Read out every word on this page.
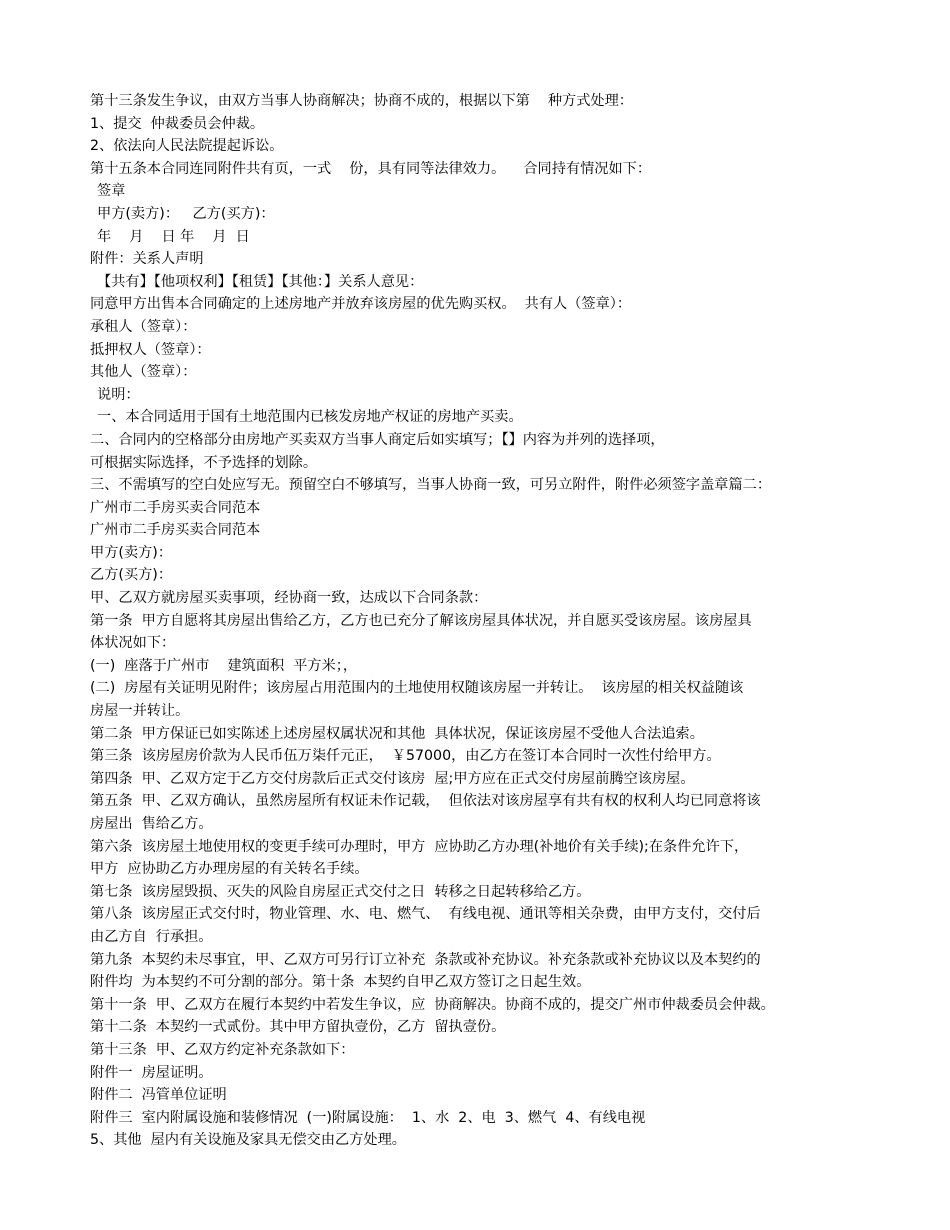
第十三条发生争议，由双方当事人协商解决；协商不成的，根据以下第    种方式处理：

1、提交  仲裁委员会仲裁。

2、依法向人民法院提起诉讼。

第十五条本合同连同附件共有页，一式    份，具有同等法律效力。    合同持有情况如下：

签章

甲方(卖方)：   乙方(买方)：

年    月    日 年    月  日

附件：关系人声明

【共有】【他项权利】【租赁】【其他：】关系人意见：

同意甲方出售本合同确定的上述房地产并放弃该房屋的优先购买权。  共有人（签章）：

承租人（签章）：

抵押权人（签章）：

其他人（签章）：

说明：

一、本合同适用于国有土地范围内已核发房地产权证的房地产买卖。

二、合同内的空格部分由房地产买卖双方当事人商定后如实填写；【】内容为并列的选择项，

可根据实际选择，不予选择的划除。

三、不需填写的空白处应写无。预留空白不够填写，当事人协商一致，可另立附件，附件必须签字盖章篇二：

广州市二手房买卖合同范本

广州市二手房买卖合同范本

甲方(卖方)：

乙方(买方)：

甲、乙双方就房屋买卖事项，经协商一致，达成以下合同条款：

第一条  甲方自愿将其房屋出售给乙方，乙方也已充分了解该房屋具体状况，并自愿买受该房屋。该房屋具

体状况如下：

(一)  座落于广州市    建筑面积  平方米；，

(二)  房屋有关证明见附件；该房屋占用范围内的土地使用权随该房屋一并转让。  该房屋的相关权益随该

房屋一并转让。

第二条  甲方保证已如实陈述上述房屋权属状况和其他  具体状况，保证该房屋不受他人合法追索。

第三条  该房屋房价款为人民币伍万柒仟元正，  ￥57000，由乙方在签订本合同时一次性付给甲方。

第四条  甲、乙双方定于乙方交付房款后正式交付该房  屋;甲方应在正式交付房屋前腾空该房屋。

第五条  甲、乙双方确认，虽然房屋所有权证未作记载，  但依法对该房屋享有共有权的权利人均已同意将该

房屋出  售给乙方。

第六条  该房屋土地使用权的变更手续可办理时，甲方  应协助乙方办理(补地价有关手续);在条件允许下，

甲方  应协助乙方办理房屋的有关转名手续。

第七条  该房屋毁损、灭失的风险自房屋正式交付之日  转移之日起转移给乙方。

第八条  该房屋正式交付时，物业管理、水、电、燃气、  有线电视、通讯等相关杂费，由甲方支付，交付后

由乙方自  行承担。

第九条  本契约未尽事宜，甲、乙双方可另行订立补充  条款或补充协议。补充条款或补充协议以及本契约的

附件均  为本契约不可分割的部分。第十条  本契约自甲乙双方签订之日起生效。

第十一条  甲、乙双方在履行本契约中若发生争议，应  协商解决。协商不成的，提交广州市仲裁委员会仲裁。

第十二条  本契约一式贰份。其中甲方留执壹份，乙方  留执壹份。

第十三条  甲、乙双方约定补充条款如下：

附件一  房屋证明。

附件二  冯管单位证明

附件三  室内附属设施和装修情况  (一)附属设施：  1、水  2、电  3、燃气  4、有线电视

5、其他  屋内有关设施及家具无偿交由乙方处理。
